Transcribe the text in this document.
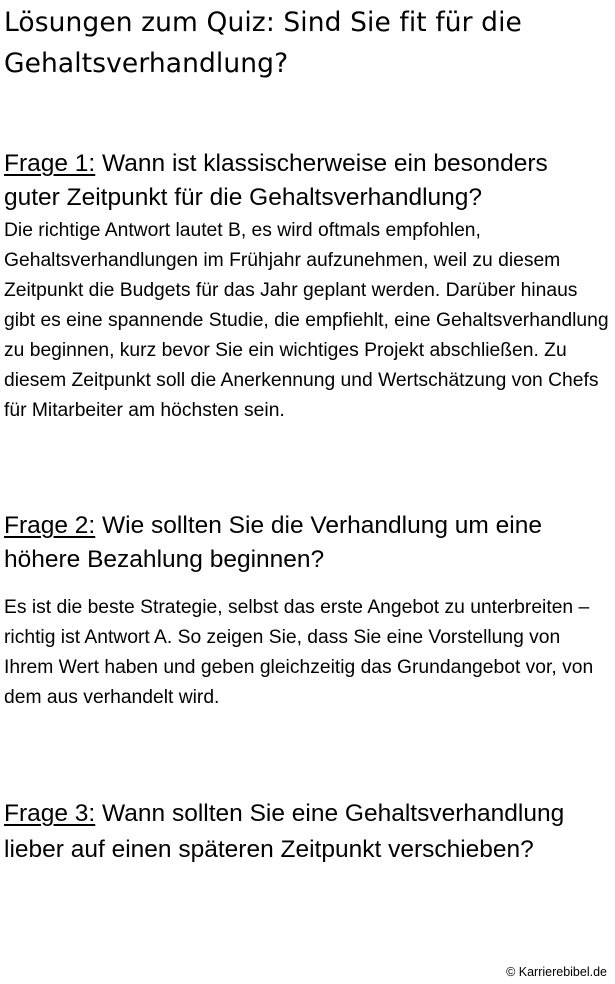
Lösungen zum Quiz: Sind Sie fit für die Gehaltsverhandlung?

Frage 1: Wann ist klassischerweise ein besonders guter Zeitpunkt für die Gehaltsverhandlung?

Die richtige Antwort lautet B, es wird oftmals empfohlen, Gehaltsverhandlungen im Frühjahr aufzunehmen, weil zu diesem Zeitpunkt die Budgets für das Jahr geplant werden. Darüber hinaus gibt es eine spannende Studie, die empfiehlt, eine Gehaltsverhandlung zu beginnen, kurz bevor Sie ein wichtiges Projekt abschließen. Zu diesem Zeitpunkt soll die Anerkennung und Wertschätzung von Chefs für Mitarbeiter am höchsten sein.

Frage 2: Wie sollten Sie die Verhandlung um eine höhere Bezahlung beginnen?

Es ist die beste Strategie, selbst das erste Angebot zu unterbreiten – richtig ist Antwort A. So zeigen Sie, dass Sie eine Vorstellung von Ihrem Wert haben und geben gleichzeitig das Grundangebot vor, von dem aus verhandelt wird.

Frage 3: Wann sollten Sie eine Gehaltsverhandlung lieber auf einen späteren Zeitpunkt verschieben?

© Karrierebibel.de
